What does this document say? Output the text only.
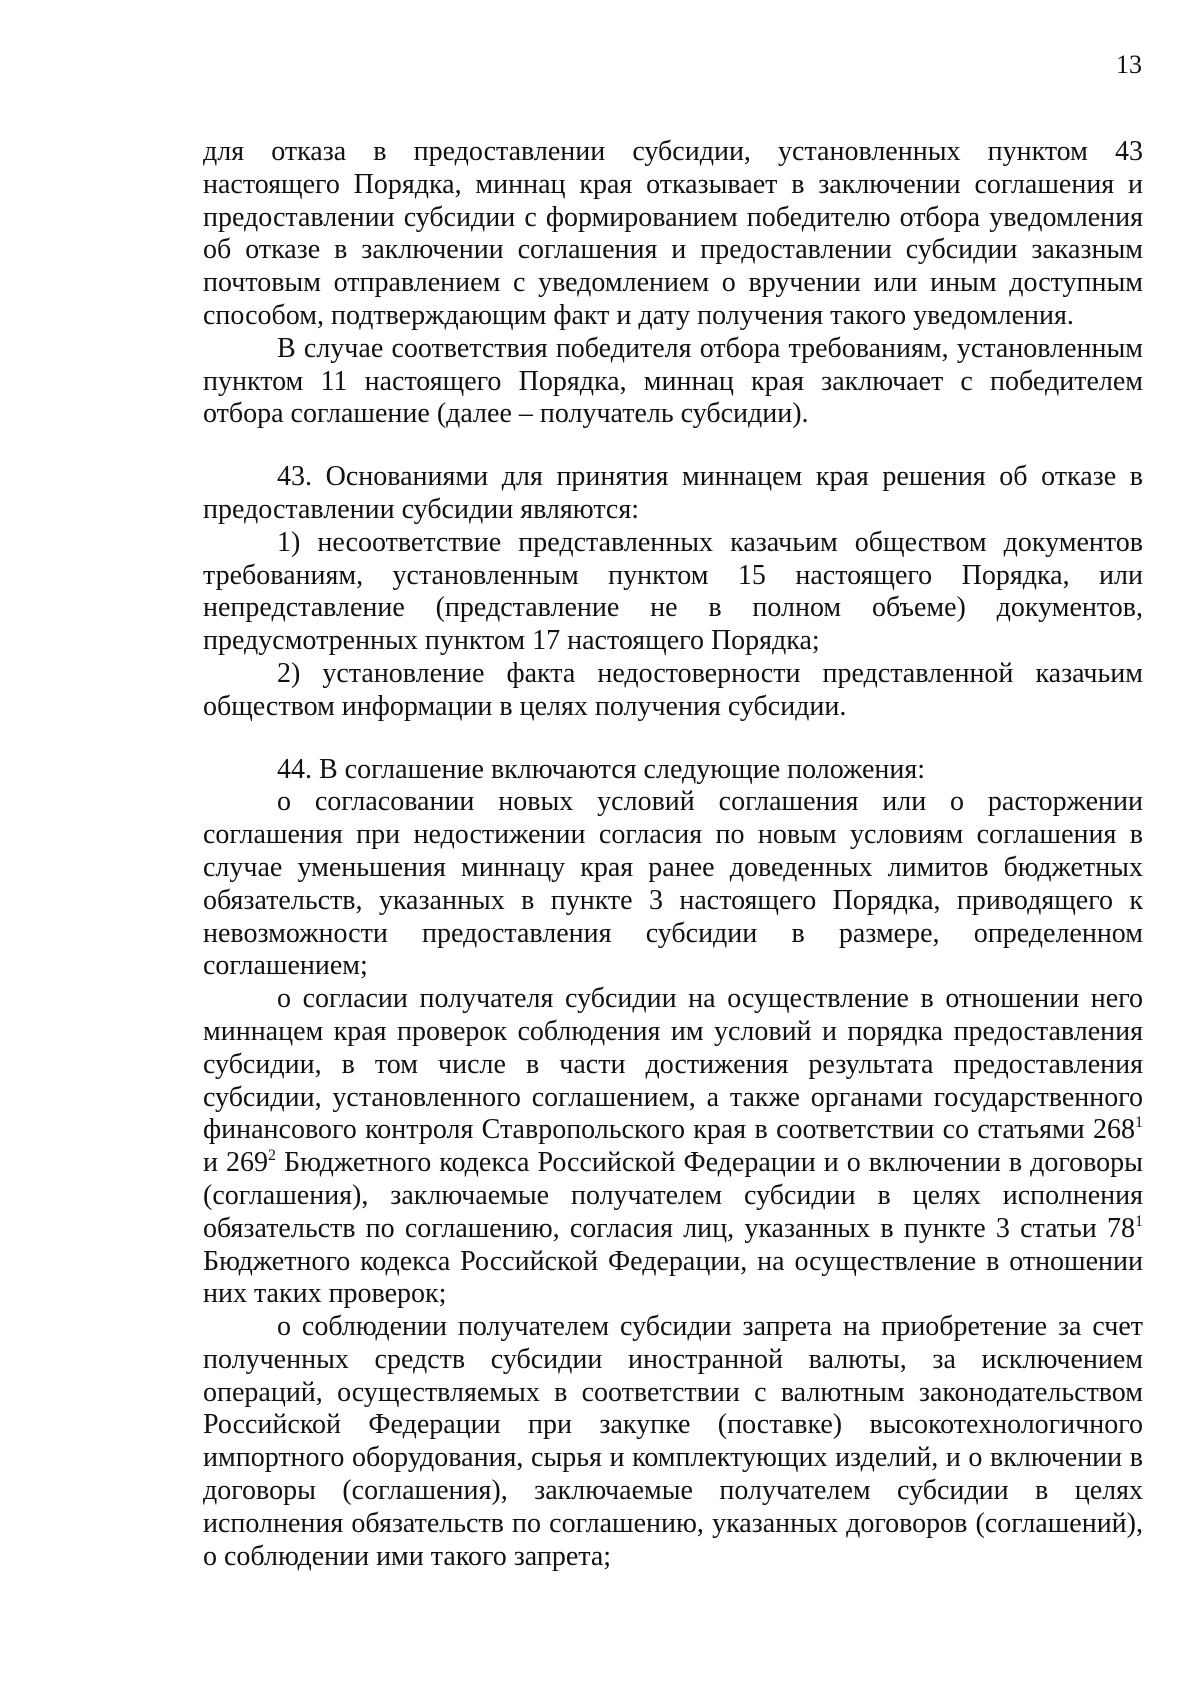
13

для отказа в предоставлении субсидии, установленных пунктом 43 настоящего Порядка, миннац края отказывает в заключении соглашения и предоставлении субсидии с формированием победителю отбора уведомления об отказе в заключении соглашения и предоставлении субсидии заказным почтовым отправлением с уведомлением о вручении или иным доступным способом, подтверждающим факт и дату получения такого уведомления.

В случае соответствия победителя отбора требованиям, установленным пунктом 11 настоящего Порядка, миннац края заключает с победителем отбора соглашение (далее – получатель субсидии).

43. Основаниями для принятия миннацем края решения об отказе в предоставлении субсидии являются:

1) несоответствие представленных казачьим обществом документов требованиям, установленным пунктом 15 настоящего Порядка, или непредставление (представление не в полном объеме) документов, предусмотренных пунктом 17 настоящего Порядка;

2) установление факта недостоверности представленной казачьим обществом информации в целях получения субсидии.

44. В соглашение включаются следующие положения:

о согласовании новых условий соглашения или о расторжении соглашения при недостижении согласия по новым условиям соглашения в случае уменьшения миннацу края ранее доведенных лимитов бюджетных обязательств, указанных в пункте 3 настоящего Порядка, приводящего к невозможности предоставления субсидии в размере, определенном соглашением;

о согласии получателя субсидии на осуществление в отношении него миннацем края проверок соблюдения им условий и порядка предоставления субсидии, в том числе в части достижения результата предоставления субсидии, установленного соглашением, а также органами государственного финансового контроля Ставропольского края в соответствии со статьями $268^1$ и $269^2$ Бюджетного кодекса Российской Федерации и о включении в договоры (соглашения), заключаемые получателем субсидии в целях исполнения обязательств по соглашению, согласия лиц, указанных в пункте 3 статьи $78^1$ Бюджетного кодекса Российской Федерации, на осуществление в отношении них таких проверок;

о соблюдении получателем субсидии запрета на приобретение за счет полученных средств субсидии иностранной валюты, за исключением операций, осуществляемых в соответствии с валютным законодательством Российской Федерации при закупке (поставке) высокотехнологичного импортного оборудования, сырья и комплектующих изделий, и о включении в договоры (соглашения), заключаемые получателем субсидии в целях исполнения обязательств по соглашению, указанных договоров (соглашений), о соблюдении ими такого запрета;
